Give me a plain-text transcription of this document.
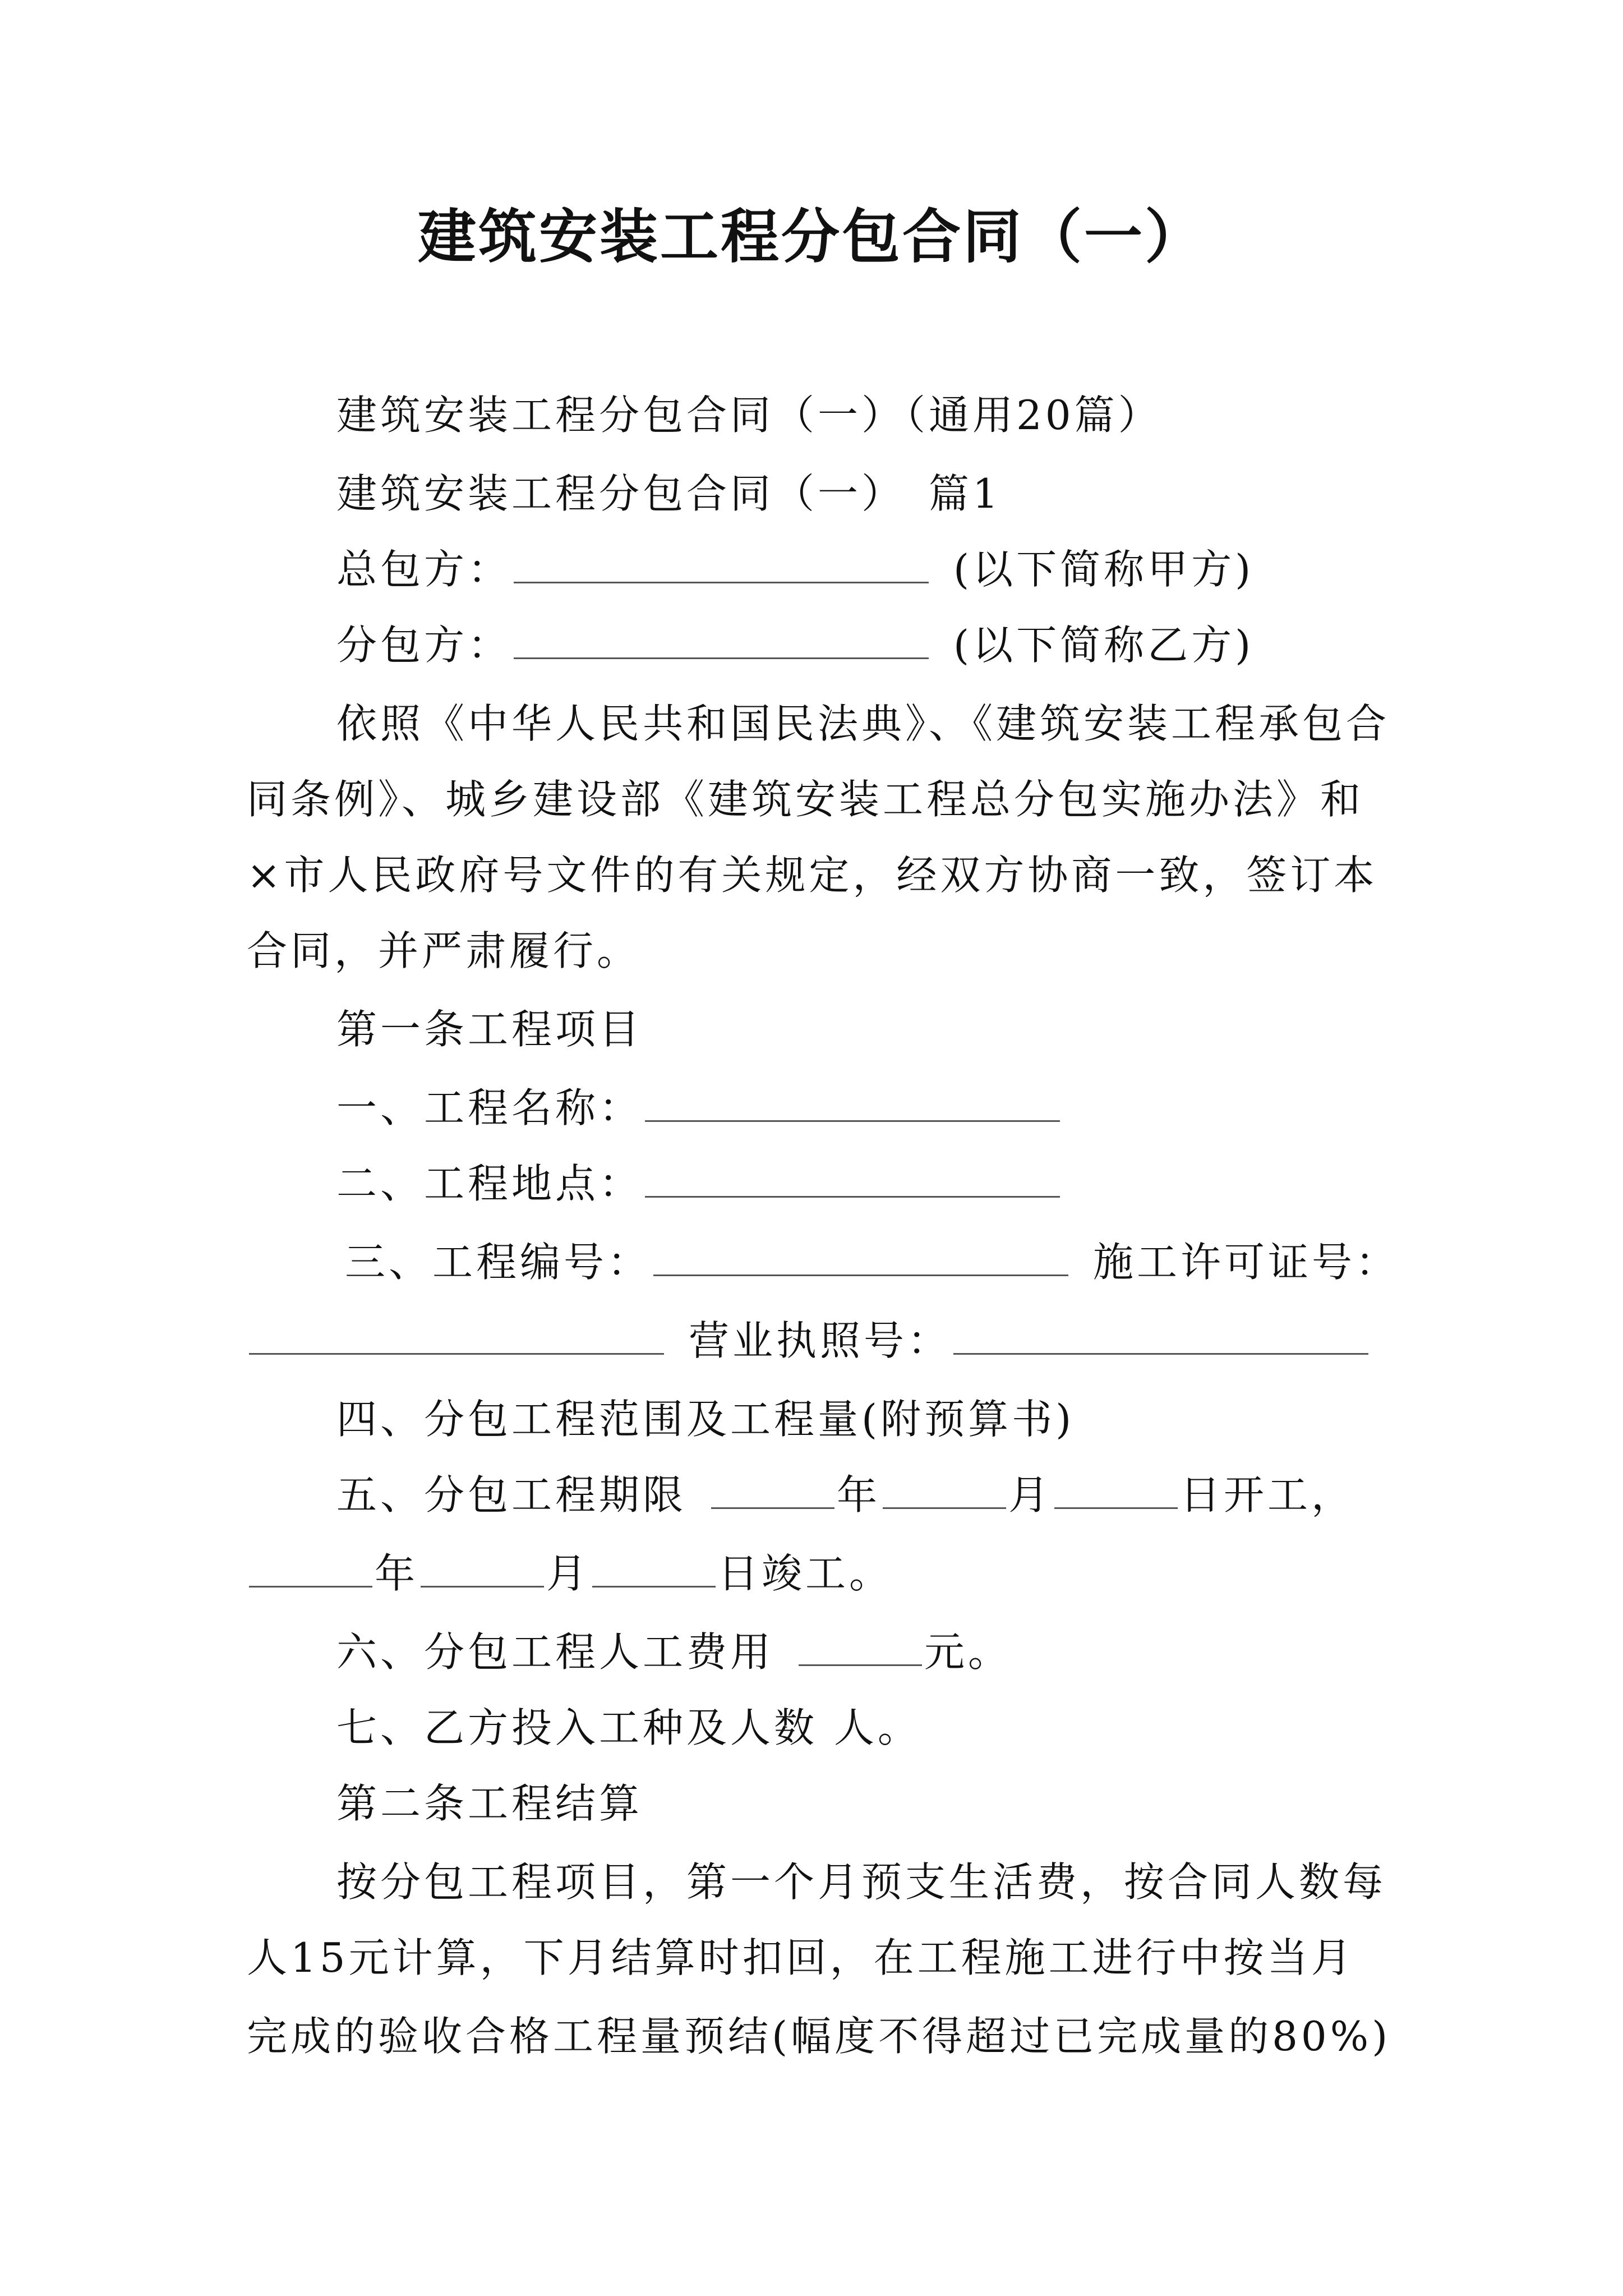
建筑安装工程分包合同（一）
建筑安装工程分包合同（一）（通用20篇）
建筑安装工程分包合同（一）　篇1
总包方：	(以下简称甲方)
分包方：	(以下简称乙方)
依照《中华人民共和国民法典》、《建筑安装工程承包合
同条例》、城乡建设部《建筑安装工程总分包实施办法》和
×市人民政府号文件的有关规定，经双方协商一致，签订本
合同，并严肃履行。
第一条工程项目
一、工程名称：
二、工程地点：
三、工程编号：	施工许可证号：
营业执照号：
四、分包工程范围及工程量(附预算书)
五、分包工程期限	年	月	日开工，
年	月	日竣工。
六、分包工程人工费用	元。
七、乙方投入工种及人数 人。
第二条工程结算
按分包工程项目，第一个月预支生活费，按合同人数每
人15元计算，下月结算时扣回，在工程施工进行中按当月
完成的验收合格工程量预结(幅度不得超过已完成量的80%)
